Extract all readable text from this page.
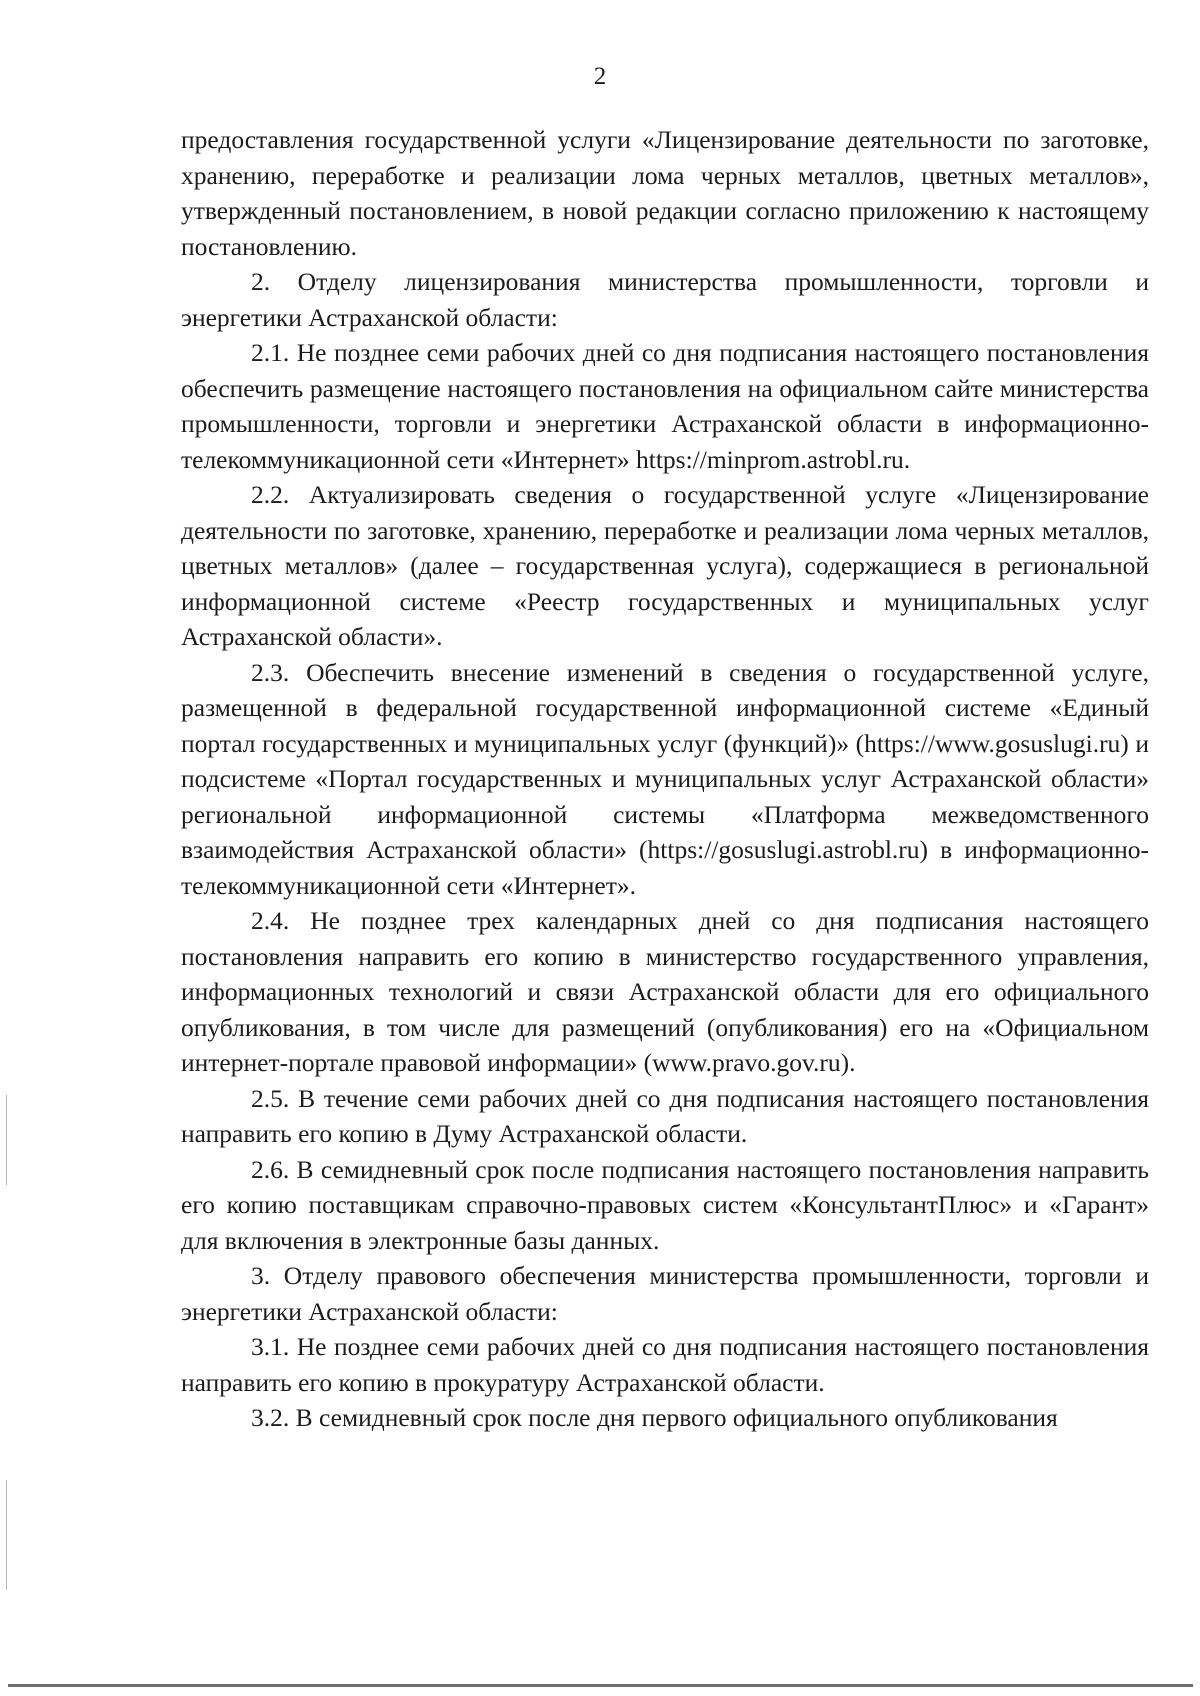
2

предоставления государственной услуги «Лицензирование деятельности по заготовке, хранению, переработке и реализации лома черных металлов, цветных металлов», утвержденный постановлением, в новой редакции согласно приложению к настоящему постановлению.

2. Отделу лицензирования министерства промышленности, торговли и энергетики Астраханской области:

2.1. Не позднее семи рабочих дней со дня подписания настоящего постановления обеспечить размещение настоящего постановления на официальном сайте министерства промышленности, торговли и энергетики Астраханской области в информационно-телекоммуникационной сети «Интернет» https://minprom.astrobl.ru.

2.2. Актуализировать сведения о государственной услуге «Лицензирование деятельности по заготовке, хранению, переработке и реализации лома черных металлов, цветных металлов» (далее – государственная услуга), содержащиеся в региональной информационной системе «Реестр государственных и муниципальных услуг Астраханской области».

2.3. Обеспечить внесение изменений в сведения о государственной услуге, размещенной в федеральной государственной информационной системе «Единый портал государственных и муниципальных услуг (функций)» (https://www.gosuslugi.ru) и подсистеме «Портал государственных и муниципальных услуг Астраханской области» региональной информационной системы «Платформа межведомственного взаимодействия Астраханской области» (https://gosuslugi.astrobl.ru) в информационно-телекоммуникационной сети «Интернет».

2.4. Не позднее трех календарных дней со дня подписания настоящего постановления направить его копию в министерство государственного управления, информационных технологий и связи Астраханской области для его официального опубликования, в том числе для размещений (опубликования) его на «Официальном интернет-портале правовой информации» (www.pravo.gov.ru).

2.5. В течение семи рабочих дней со дня подписания настоящего постановления направить его копию в Думу Астраханской области.

2.6. В семидневный срок после подписания настоящего постановления направить его копию поставщикам справочно-правовых систем «КонсультантПлюс» и «Гарант» для включения в электронные базы данных.

3. Отделу правового обеспечения министерства промышленности, торговли и энергетики Астраханской области:

3.1. Не позднее семи рабочих дней со дня подписания настоящего постановления направить его копию в прокуратуру Астраханской области.

3.2. В семидневный срок после дня первого официального опубликования
